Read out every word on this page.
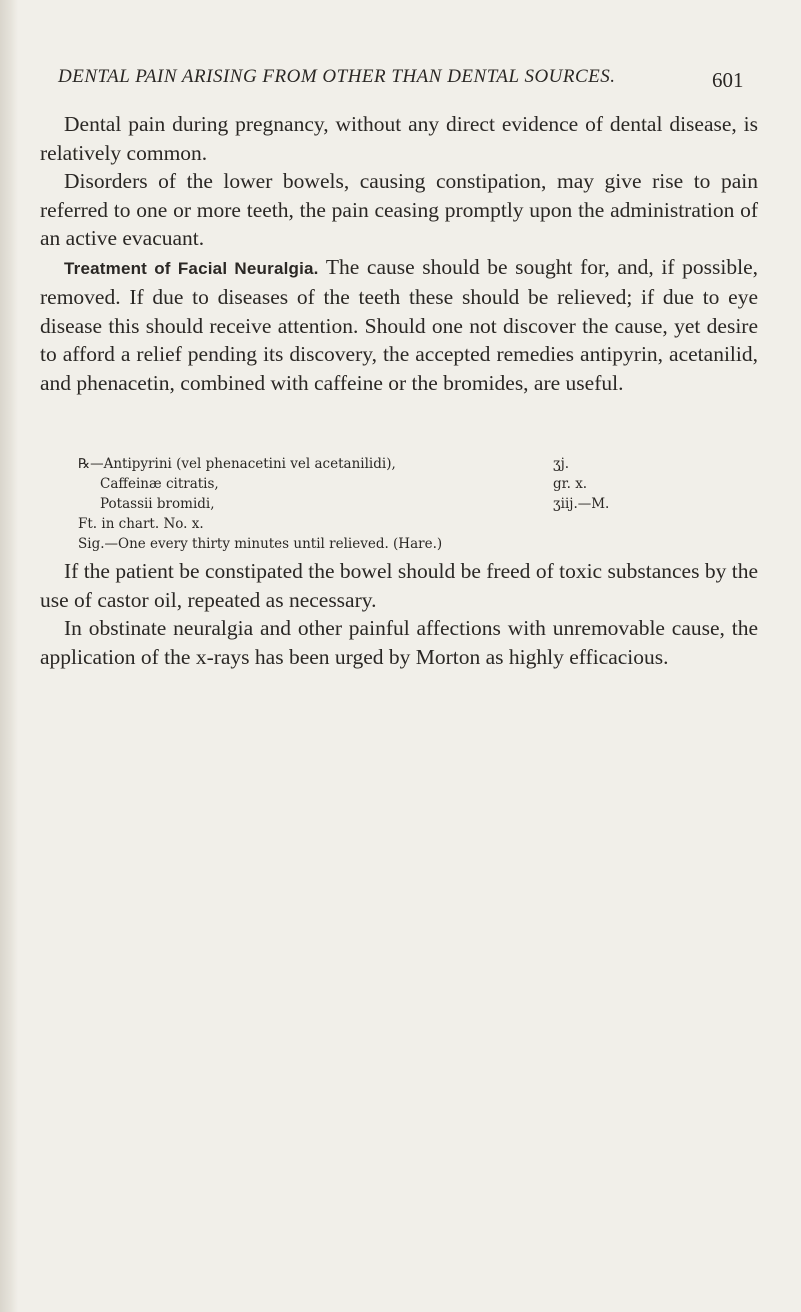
DENTAL PAIN ARISING FROM OTHER THAN DENTAL SOURCES.	601

Dental pain during pregnancy, without any direct evidence of dental disease, is relatively common.

Disorders of the lower bowels, causing constipation, may give rise to pain referred to one or more teeth, the pain ceasing promptly upon the administration of an active evacuant.

Treatment of Facial Neuralgia. The cause should be sought for, and, if possible, removed. If due to diseases of the teeth these should be relieved; if due to eye disease this should receive attention. Should one not discover the cause, yet desire to afford a relief pending its discovery, the accepted remedies antipyrin, acetanilid, and phenacetin, combined with caffeine or the bromides, are useful.

℞—Antipyrini (vel phenacetini vel acetanilidi),	ʒj.
Caffeinæ citratis,	gr. x.
Potassii bromidi,	ʒiij.—M.
Ft. in chart. No. x.
Sig.—One every thirty minutes until relieved. (Hare.)

If the patient be constipated the bowel should be freed of toxic substances by the use of castor oil, repeated as necessary.

In obstinate neuralgia and other painful affections with unremovable cause, the application of the x-rays has been urged by Morton as highly efficacious.
